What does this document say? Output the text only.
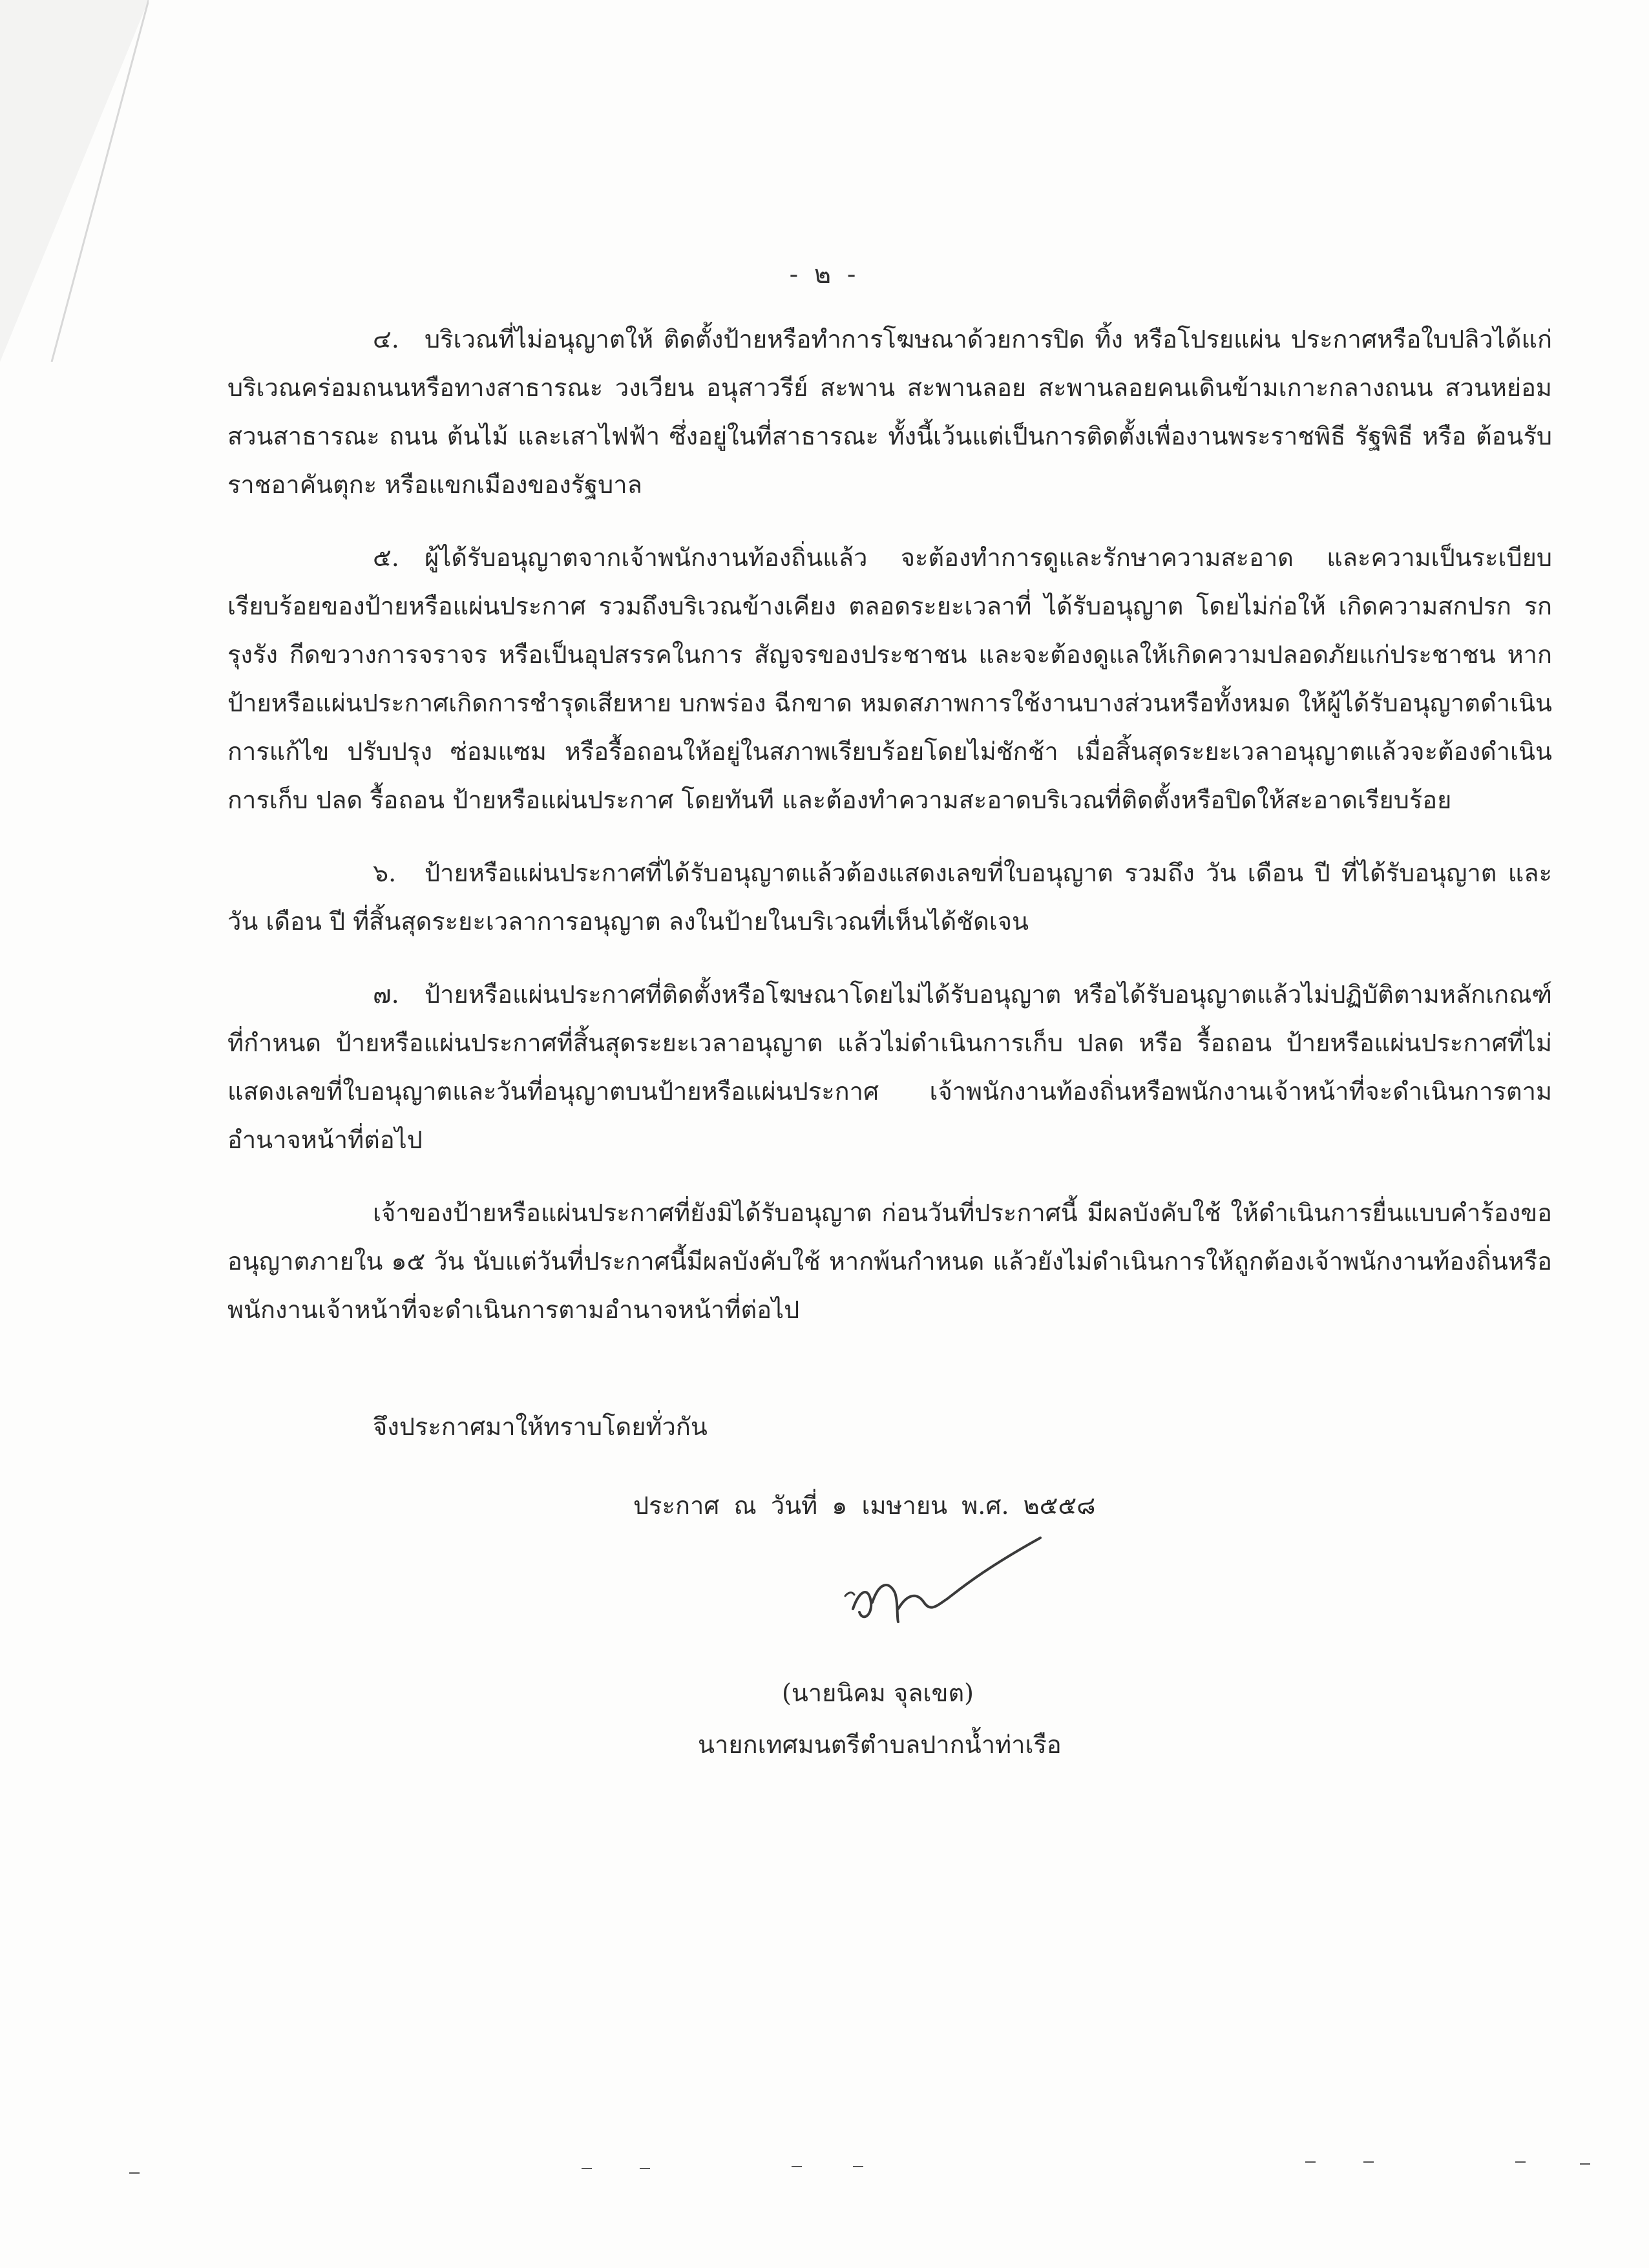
- ๒ -

๔. บริเวณที่ไม่อนุญาตให้ ติดตั้งป้ายหรือทำการโฆษณาด้วยการปิด ทิ้ง หรือโปรยแผ่น ประกาศหรือใบปลิวได้แก่ บริเวณคร่อมถนนหรือทางสาธารณะ วงเวียน อนุสาวรีย์ สะพาน สะพานลอย สะพานลอยคนเดินข้ามเกาะกลางถนน สวนหย่อม สวนสาธารณะ ถนน ต้นไม้ และเสาไฟฟ้า ซึ่งอยู่ในที่สาธารณะ ทั้งนี้เว้นแต่เป็นการติดตั้งเพื่องานพระราชพิธี รัฐพิธี หรือ ต้อนรับราชอาคันตุกะ หรือแขกเมืองของรัฐบาล

๕. ผู้ได้รับอนุญาตจากเจ้าพนักงานท้องถิ่นแล้ว จะต้องทำการดูและรักษาความสะอาด และความเป็นระเบียบเรียบร้อยของป้ายหรือแผ่นประกาศ รวมถึงบริเวณข้างเคียง ตลอดระยะเวลาที่ ได้รับอนุญาต โดยไม่ก่อให้ เกิดความสกปรก รก รุงรัง กีดขวางการจราจร หรือเป็นอุปสรรคในการ สัญจรของประชาชน และจะต้องดูแลให้เกิดความปลอดภัยแก่ประชาชน หากป้ายหรือแผ่นประกาศเกิดการชำรุดเสียหาย บกพร่อง ฉีกขาด หมดสภาพการใช้งานบางส่วนหรือทั้งหมด ให้ผู้ได้รับอนุญาตดำเนินการแก้ไข ปรับปรุง ซ่อมแซม หรือรื้อถอนให้อยู่ในสภาพเรียบร้อยโดยไม่ชักช้า เมื่อสิ้นสุดระยะเวลาอนุญาตแล้วจะต้องดำเนินการเก็บ ปลด รื้อถอน ป้ายหรือแผ่นประกาศ โดยทันที และต้องทำความสะอาดบริเวณที่ติดตั้งหรือปิดให้สะอาดเรียบร้อย

๖. ป้ายหรือแผ่นประกาศที่ได้รับอนุญาตแล้วต้องแสดงเลขที่ใบอนุญาต รวมถึง วัน เดือน ปี ที่ได้รับอนุญาต และวัน เดือน ปี ที่สิ้นสุดระยะเวลาการอนุญาต ลงในป้ายในบริเวณที่เห็นได้ชัดเจน

๗. ป้ายหรือแผ่นประกาศที่ติดตั้งหรือโฆษณาโดยไม่ได้รับอนุญาต หรือได้รับอนุญาตแล้วไม่ปฏิบัติตามหลักเกณฑ์ที่กำหนด ป้ายหรือแผ่นประกาศที่สิ้นสุดระยะเวลาอนุญาต แล้วไม่ดำเนินการเก็บ ปลด หรือ รื้อถอน ป้ายหรือแผ่นประกาศที่ไม่แสดงเลขที่ใบอนุญาตและวันที่อนุญาตบนป้ายหรือแผ่นประกาศ เจ้าพนักงานท้องถิ่นหรือพนักงานเจ้าหน้าที่จะดำเนินการตามอำนาจหน้าที่ต่อไป

เจ้าของป้ายหรือแผ่นประกาศที่ยังมิได้รับอนุญาต ก่อนวันที่ประกาศนี้ มีผลบังคับใช้ ให้ดำเนินการยื่นแบบคำร้องขออนุญาตภายใน ๑๕ วัน นับแต่วันที่ประกาศนี้มีผลบังคับใช้ หากพ้นกำหนด แล้วยังไม่ดำเนินการให้ถูกต้องเจ้าพนักงานท้องถิ่นหรือพนักงานเจ้าหน้าที่จะดำเนินการตามอำนาจหน้าที่ต่อไป

จึงประกาศมาให้ทราบโดยทั่วกัน
ประกาศ ณ วันที่ ๑ เมษายน พ.ศ. ๒๕๕๘
(นายนิคม จุลเขต)
นายกเทศมนตรีตำบลปากน้ำท่าเรือ
